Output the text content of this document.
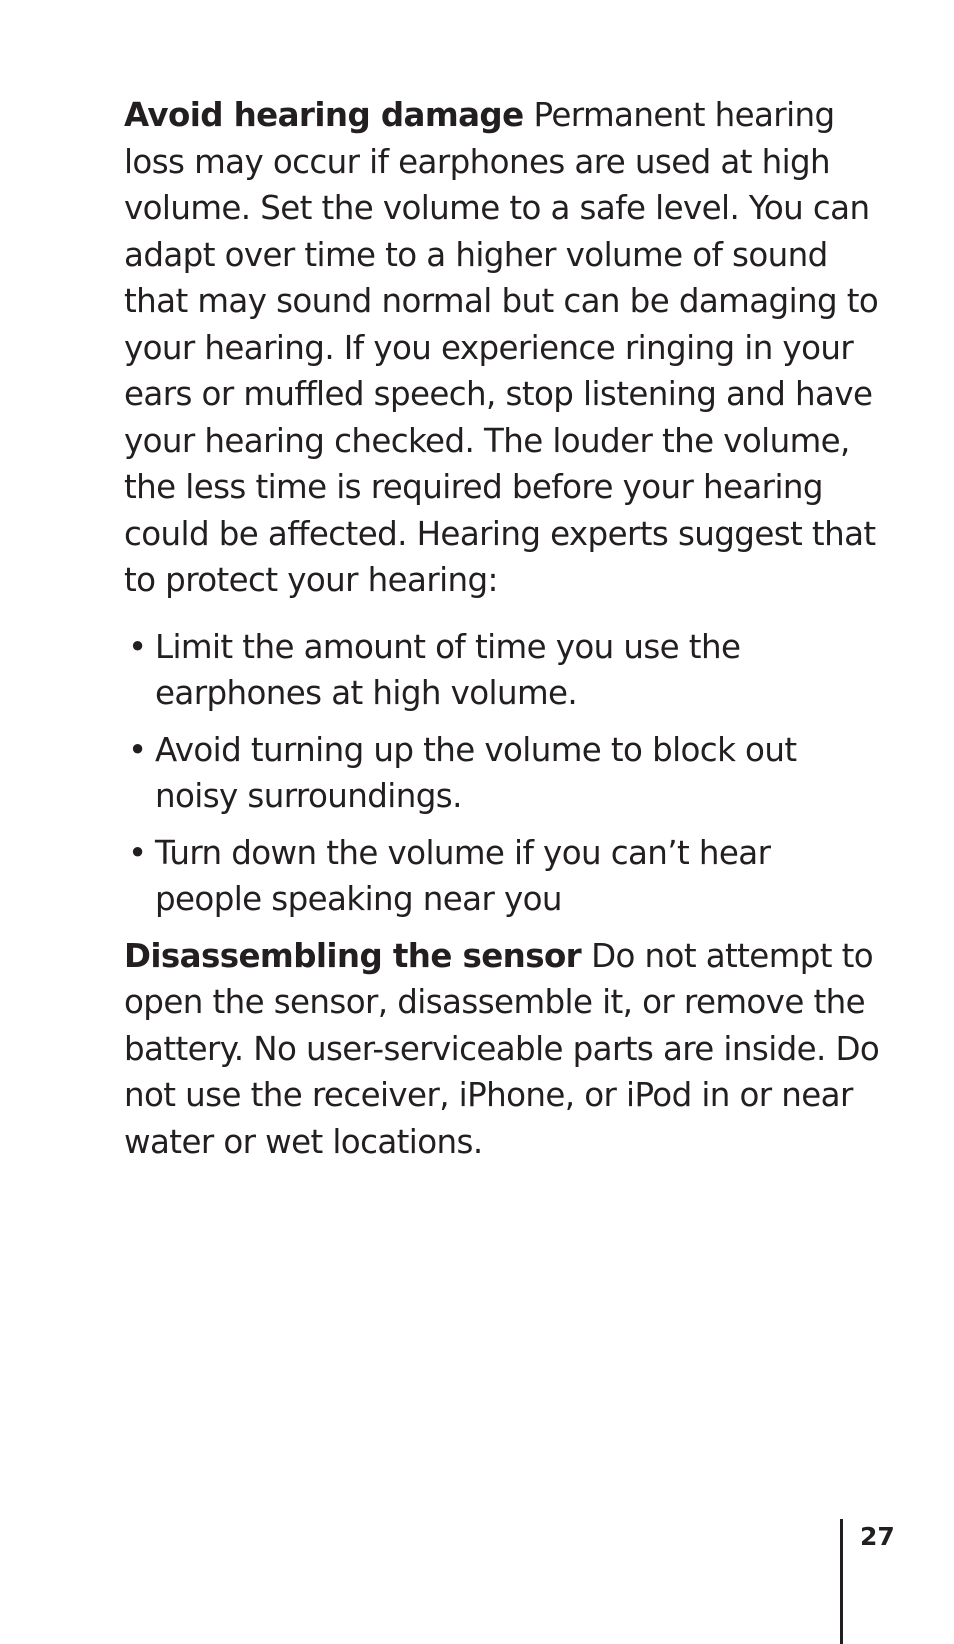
Avoid hearing damage Permanent hearing loss may occur if earphones are used at high volume. Set the volume to a safe level. You can adapt over time to a higher volume of sound that may sound normal but can be damaging to your hearing. If you experience ringing in your ears or muffled speech, stop listening and have your hearing checked. The louder the volume, the less time is required before your hearing could be affected. Hearing experts suggest that to protect your hearing:

• Limit the amount of time you use the earphones at high volume.
• Avoid turning up the volume to block out noisy surroundings.
• Turn down the volume if you can’t hear people speaking near you

Disassembling the sensor Do not attempt to open the sensor, disassemble it, or remove the battery. No user-serviceable parts are inside. Do not use the receiver, iPhone, or iPod in or near water or wet locations.

27
